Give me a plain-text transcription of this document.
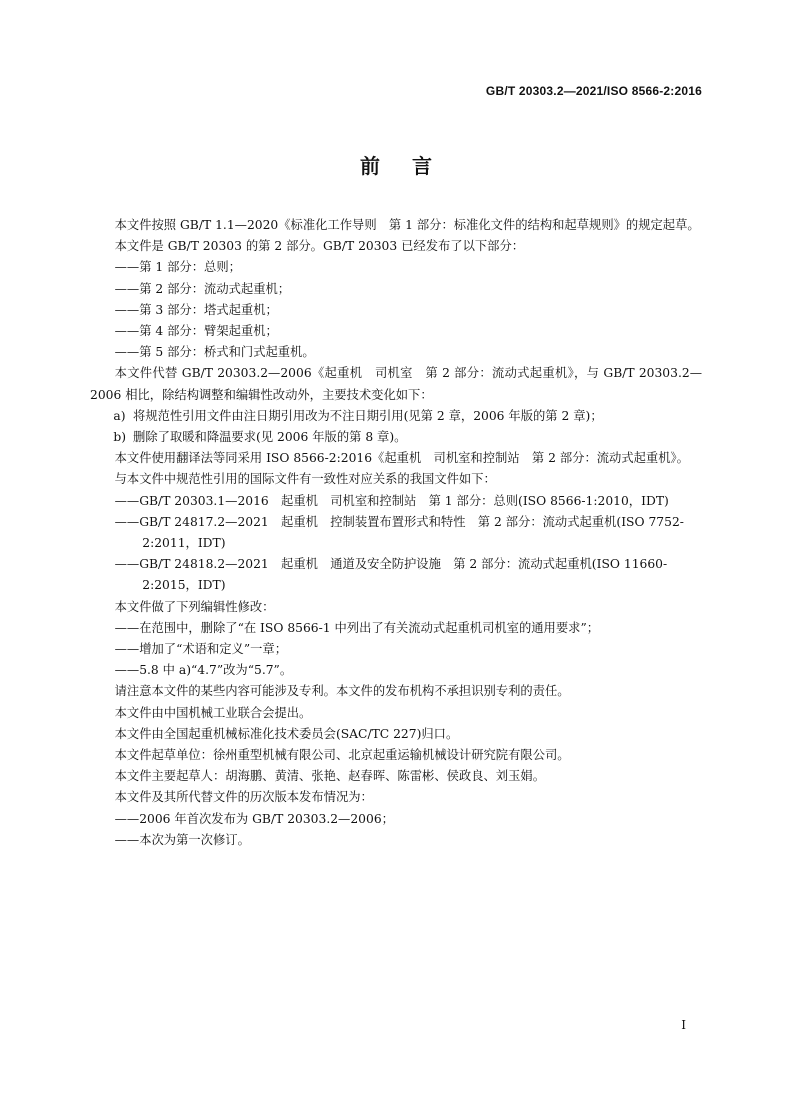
GB/T 20303.2—2021/ISO 8566-2:2016
前言

本文件按照 GB/T 1.1—2020《标准化工作导则　第 1 部分：标准化文件的结构和起草规则》的规定起草。

本文件是 GB/T 20303 的第 2 部分。GB/T 20303 已经发布了以下部分：

——第 1 部分：总则；

——第 2 部分：流动式起重机；

——第 3 部分：塔式起重机；

——第 4 部分：臂架起重机；

——第 5 部分：桥式和门式起重机。

本文件代替 GB/T 20303.2—2006《起重机　司机室　第 2 部分：流动式起重机》，与 GB/T 20303.2—2006 相比，除结构调整和编辑性改动外，主要技术变化如下：

a) 将规范性引用文件由注日期引用改为不注日期引用(见第 2 章，2006 年版的第 2 章)；

b) 删除了取暖和降温要求(见 2006 年版的第 8 章)。

本文件使用翻译法等同采用 ISO 8566-2:2016《起重机　司机室和控制站　第 2 部分：流动式起重机》。

与本文件中规范性引用的国际文件有一致性对应关系的我国文件如下：

——GB/T 20303.1—2016　起重机　司机室和控制站　第 1 部分：总则(ISO 8566-1:2010，IDT)

——GB/T 24817.2—2021　起重机　控制装置布置形式和特性　第 2 部分：流动式起重机(ISO 7752-2:2011，IDT)

——GB/T 24818.2—2021　起重机　通道及安全防护设施　第 2 部分：流动式起重机(ISO 11660-2:2015，IDT)

本文件做了下列编辑性修改：

——在范围中，删除了“在 ISO 8566-1 中列出了有关流动式起重机司机室的通用要求”；

——增加了“术语和定义”一章；

——5.8 中 a)“4.7”改为“5.7”。

请注意本文件的某些内容可能涉及专利。本文件的发布机构不承担识别专利的责任。

本文件由中国机械工业联合会提出。

本文件由全国起重机械标准化技术委员会(SAC/TC 227)归口。

本文件起草单位：徐州重型机械有限公司、北京起重运输机械设计研究院有限公司。

本文件主要起草人：胡海鹏、黄清、张艳、赵春晖、陈雷彬、侯政良、刘玉娟。

本文件及其所代替文件的历次版本发布情况为：

——2006 年首次发布为 GB/T 20303.2—2006；

——本次为第一次修订。

I
